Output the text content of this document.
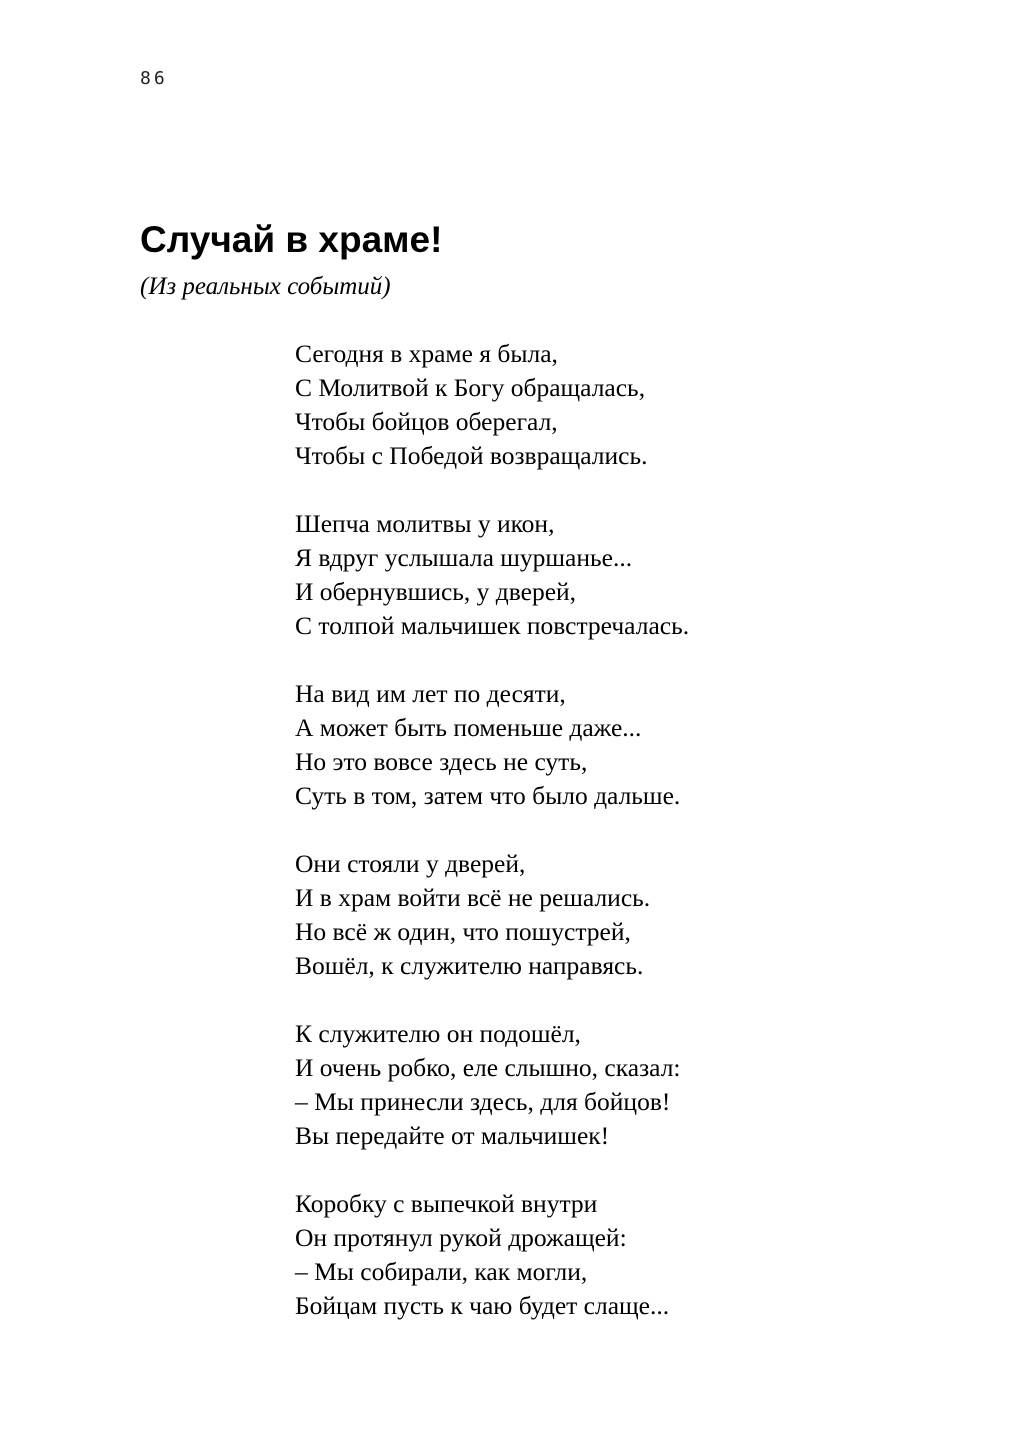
86
Случай в храме!

(Из реальных событий)

Сегодня в храме я была,
С Молитвой к Богу обращалась,
Чтобы бойцов оберегал,
Чтобы с Победой возвращались.
Шепча молитвы у икон,
Я вдруг услышала шуршанье...
И обернувшись, у дверей,
С толпой мальчишек повстречалась.
На вид им лет по десяти,
А может быть поменьше даже...
Но это вовсе здесь не суть,
Суть в том, затем что было дальше.
Они стояли у дверей,
И в храм войти всё не решались.
Но всё ж один, что пошустрей,
Вошёл, к служителю направясь.
К служителю он подошёл,
И очень робко, еле слышно, сказал:
– Мы принесли здесь, для бойцов!
Вы передайте от мальчишек!
Коробку с выпечкой внутри
Он протянул рукой дрожащей:
– Мы собирали, как могли,
Бойцам пусть к чаю будет слаще...
